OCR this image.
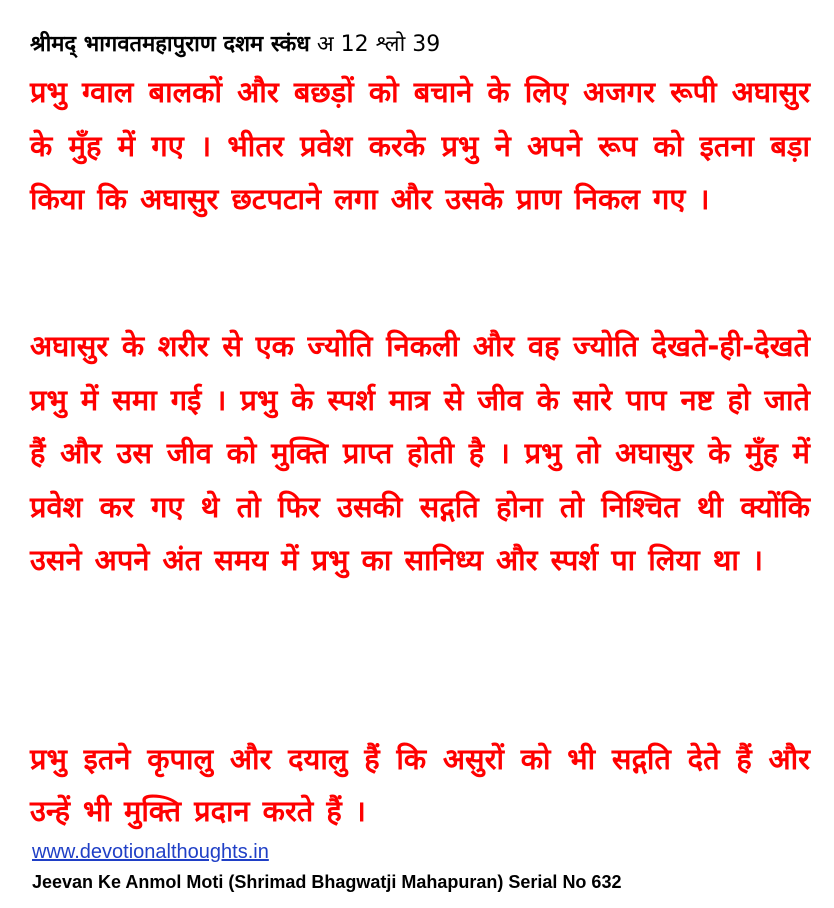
श्रीमद् भागवतमहापुराण दशम स्कंध अ 12 श्लो 39
प्रभु ग्वाल बालकों और बछड़ों को बचाने के लिए अजगर रूपी अघासुर के मुँह में गए । भीतर प्रवेश करके प्रभु ने अपने रूप को इतना बड़ा किया कि अघासुर छटपटाने लगा और उसके प्राण निकल गए ।
अघासुर के शरीर से एक ज्योति निकली और वह ज्योति देखते-ही-देखते प्रभु में समा गई । प्रभु के स्पर्श मात्र से जीव के सारे पाप नष्ट हो जाते हैं और उस जीव को मुक्ति प्राप्त होती है । प्रभु तो अघासुर के मुँह में प्रवेश कर गए थे तो फिर उसकी सद्गति होना तो निश्चित थी क्योंकि उसने अपने अंत समय में प्रभु का सानिध्य और स्पर्श पा लिया था ।
प्रभु इतने कृपालु और दयालु हैं कि असुरों को भी सद्गति देते हैं और उन्हें भी मुक्ति प्रदान करते हैं ।
www.devotionalthoughts.in
Jeevan Ke Anmol Moti (Shrimad Bhagwatji Mahapuran) Serial No 632
